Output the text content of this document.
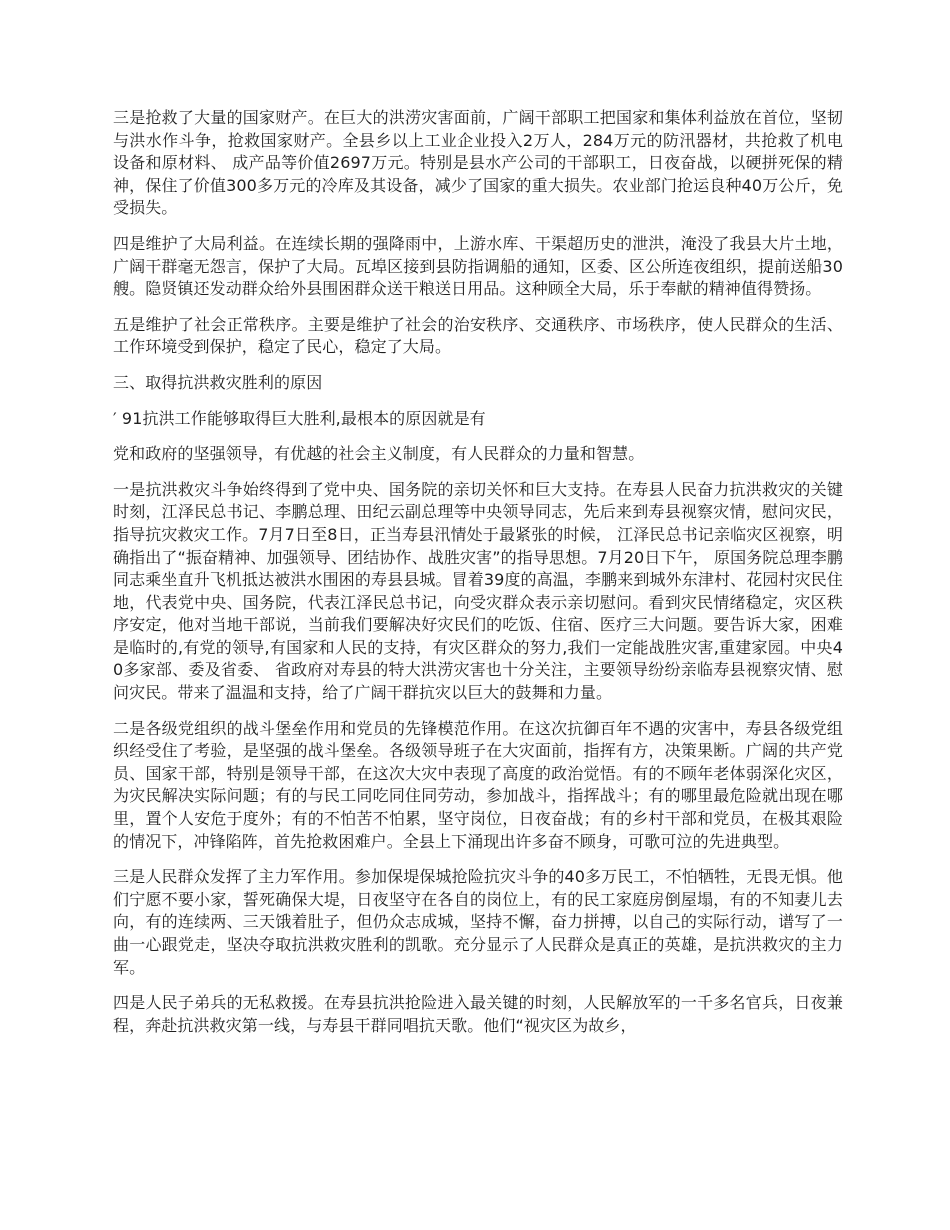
三是抢救了大量的国家财产。在巨大的洪涝灾害面前，广阔干部职工把国家和集体利益放在首位，坚韧与洪水作斗争，抢救国家财产。全县乡以上工业企业投入2万人，284万元的防汛器材，共抢救了机电设备和原材料、 成产品等价值2697万元。特别是县水产公司的干部职工，日夜奋战，以硬拼死保的精神，保住了价值300多万元的冷库及其设备，减少了国家的重大损失。农业部门抢运良种40万公斤，免受损失。

四是维护了大局利益。在连续长期的强降雨中，上游水库、干渠超历史的泄洪，淹没了我县大片土地，广阔干群毫无怨言，保护了大局。瓦埠区接到县防指调船的通知，区委、区公所连夜组织，提前送船30艘。隐贤镇还发动群众给外县围困群众送干粮送日用品。这种顾全大局，乐于奉献的精神值得赞扬。

五是维护了社会正常秩序。主要是维护了社会的治安秩序、交通秩序、市场秩序，使人民群众的生活、工作环境受到保护，稳定了民心，稳定了大局。

三、取得抗洪救灾胜利的原因

′ 91抗洪工作能够取得巨大胜利,最根本的原因就是有

党和政府的坚强领导，有优越的社会主义制度，有人民群众的力量和智慧。

一是抗洪救灾斗争始终得到了党中央、国务院的亲切关怀和巨大支持。在寿县人民奋力抗洪救灾的关键时刻，江泽民总书记、李鹏总理、田纪云副总理等中央领导同志，先后来到寿县视察灾情，慰问灾民，指导抗灾救灾工作。7月7日至8日，正当寿县汛情处于最紧张的时候， 江泽民总书记亲临灾区视察，明确指出了“振奋精神、加强领导、团结协作、战胜灾害”的指导思想。7月20日下午， 原国务院总理李鹏同志乘坐直升飞机抵达被洪水围困的寿县县城。冒着39度的高温，李鹏来到城外东津村、花园村灾民住地，代表党中央、国务院，代表江泽民总书记，向受灾群众表示亲切慰问。看到灾民情绪稳定，灾区秩序安定，他对当地干部说，当前我们要解决好灾民们的吃饭、住宿、医疗三大问题。要告诉大家，困难是临时的,有党的领导,有国家和人民的支持，有灾区群众的努力,我们一定能战胜灾害,重建家园。中央40多家部、委及省委、 省政府对寿县的特大洪涝灾害也十分关注，主要领导纷纷亲临寿县视察灾情、慰问灾民。带来了温温和支持，给了广阔干群抗灾以巨大的鼓舞和力量。

二是各级党组织的战斗堡垒作用和党员的先锋模范作用。在这次抗御百年不遇的灾害中，寿县各级党组织经受住了考验，是坚强的战斗堡垒。各级领导班子在大灾面前，指挥有方，决策果断。广阔的共产党员、国家干部，特别是领导干部，在这次大灾中表现了高度的政治觉悟。有的不顾年老体弱深化灾区，为灾民解决实际问题；有的与民工同吃同住同劳动，参加战斗，指挥战斗；有的哪里最危险就出现在哪里，置个人安危于度外；有的不怕苦不怕累，坚守岗位，日夜奋战；有的乡村干部和党员，在极其艰险的情况下，冲锋陷阵，首先抢救困难户。全县上下涌现出许多奋不顾身，可歌可泣的先进典型。

三是人民群众发挥了主力军作用。参加保堤保城抢险抗灾斗争的40多万民工，不怕牺牲，无畏无惧。他们宁愿不要小家，誓死确保大堤，日夜坚守在各自的岗位上，有的民工家庭房倒屋塌，有的不知妻儿去向，有的连续两、三天饿着肚子，但仍众志成城，坚持不懈，奋力拼搏，以自己的实际行动，谱写了一曲一心跟党走，坚决夺取抗洪救灾胜利的凯歌。充分显示了人民群众是真正的英雄，是抗洪救灾的主力军。

四是人民子弟兵的无私救援。在寿县抗洪抢险进入最关键的时刻，人民解放军的一千多名官兵，日夜兼程，奔赴抗洪救灾第一线，与寿县干群同唱抗天歌。他们“视灾区为故乡，
